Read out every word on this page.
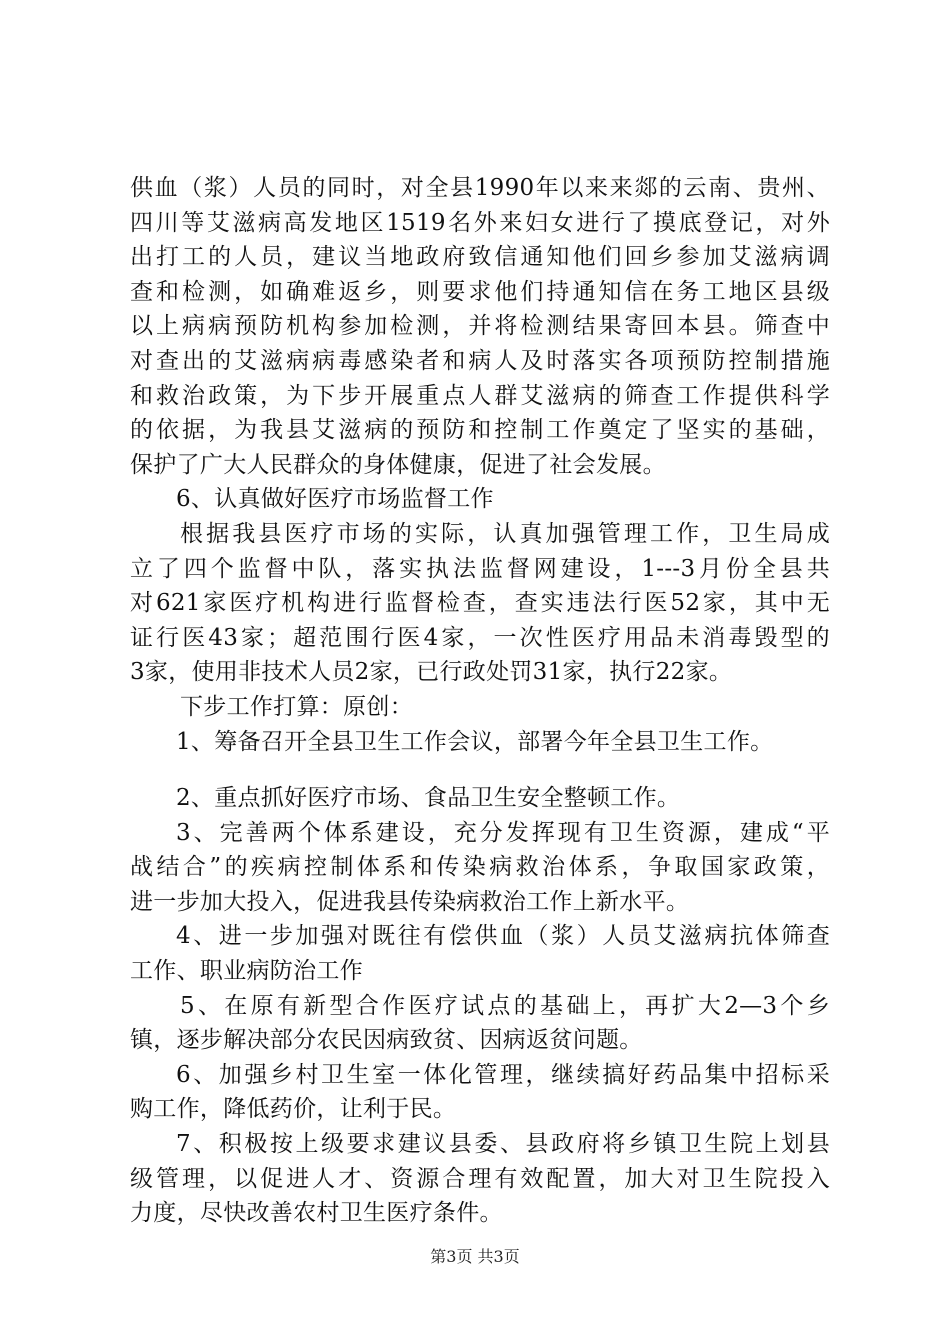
供血（浆）人员的同时，对全县1990年以来来郯的云南、贵州、
四川等艾滋病高发地区1519名外来妇女进行了摸底登记，对外
出打工的人员，建议当地政府致信通知他们回乡参加艾滋病调
查和检测，如确难返乡，则要求他们持通知信在务工地区县级
以上病病预防机构参加检测，并将检测结果寄回本县。筛查中
对查出的艾滋病病毒感染者和病人及时落实各项预防控制措施
和救治政策，为下步开展重点人群艾滋病的筛查工作提供科学
的依据，为我县艾滋病的预防和控制工作奠定了坚实的基础，
保护了广大人民群众的身体健康，促进了社会发展。
6、认真做好医疗市场监督工作
根据我县医疗市场的实际，认真加强管理工作，卫生局成
立了四个监督中队，落实执法监督网建设，1---3月份全县共
对621家医疗机构进行监督检查，查实违法行医52家，其中无
证行医43家；超范围行医4家，一次性医疗用品未消毒毁型的
3家，使用非技术人员2家，已行政处罚31家，执行22家。
下步工作打算：原创：
1、筹备召开全县卫生工作会议，部署今年全县卫生工作。
2、重点抓好医疗市场、食品卫生安全整顿工作。
3、完善两个体系建设，充分发挥现有卫生资源，建成“平
战结合”的疾病控制体系和传染病救治体系，争取国家政策，
进一步加大投入，促进我县传染病救治工作上新水平。
4、进一步加强对既往有偿供血（浆）人员艾滋病抗体筛查
工作、职业病防治工作
5、在原有新型合作医疗试点的基础上，再扩大2—3个乡
镇，逐步解决部分农民因病致贫、因病返贫问题。
6、加强乡村卫生室一体化管理，继续搞好药品集中招标采
购工作，降低药价，让利于民。
7、积极按上级要求建议县委、县政府将乡镇卫生院上划县
级管理，以促进人才、资源合理有效配置，加大对卫生院投入
力度，尽快改善农村卫生医疗条件。
第3页 共3页
